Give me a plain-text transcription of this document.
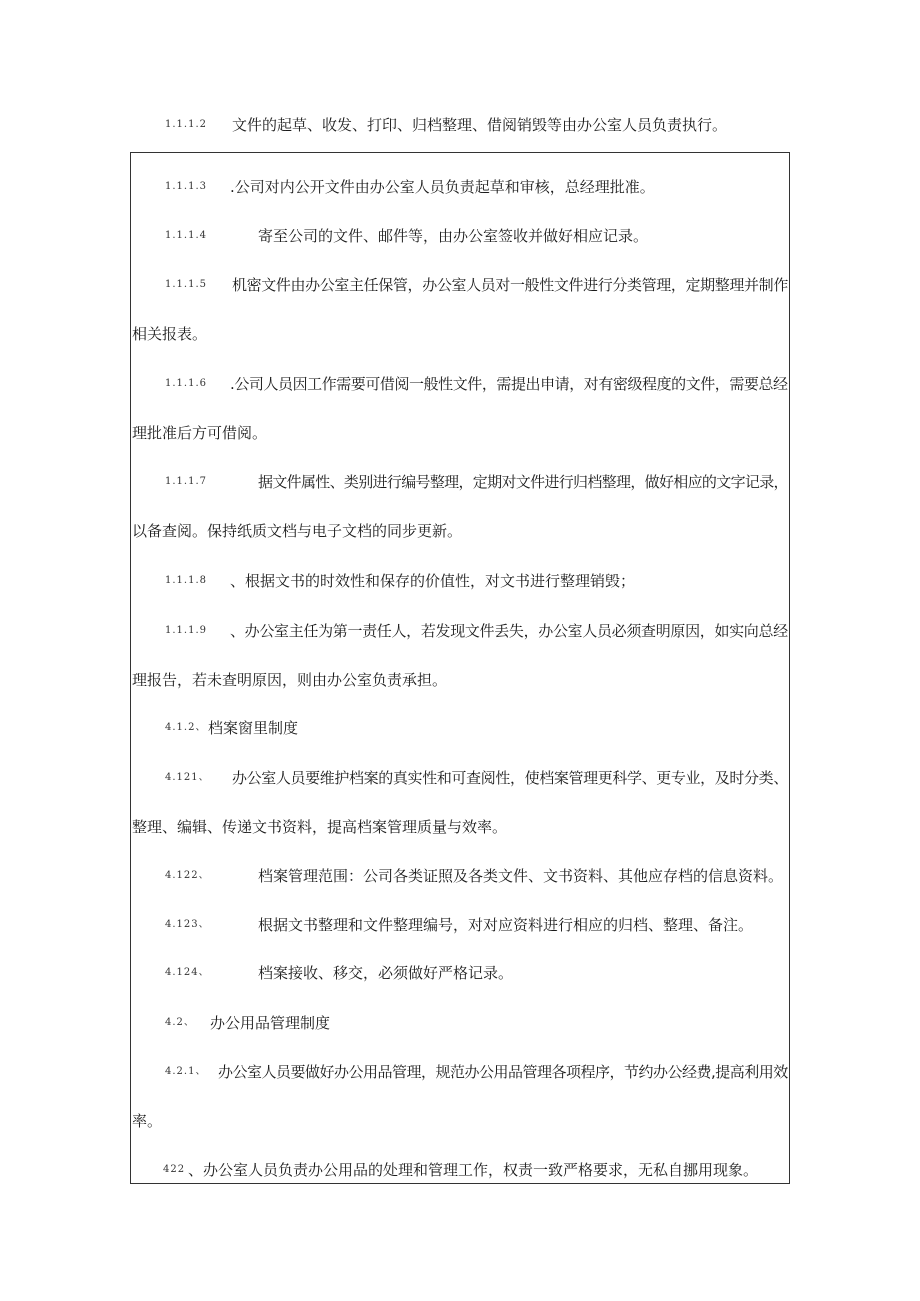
1.1.1.2 文件的起草、收发、打印、归档整理、借阅销毁等由办公室人员负责执行。
1.1.1.3 .公司对内公开文件由办公室人员负责起草和审核，总经理批准。
1.1.1.4	寄至公司的文件、邮件等，由办公室签收并做好相应记录。
1.1.1.5 机密文件由办公室主任保管，办公室人员对一般性文件进行分类管理，定期整理并制作
相关报表。
1.1.1.6 .公司人员因工作需要可借阅一般性文件，需提出申请，对有密级程度的文件，需要总经
理批准后方可借阅。
1.1.1.7	据文件属性、类别进行编号整理，定期对文件进行归档整理，做好相应的文字记录，
以备查阅。保持纸质文档与电子文档的同步更新。
1.1.1.8 、根据文书的时效性和保存的价值性，对文书进行整理销毁；
1.1.1.9 、办公室主任为第一责任人，若发现文件丢失，办公室人员必须查明原因，如实向总经
理报告，若未查明原因，则由办公室负责承担。
4.1.2、 档案窗里制度
4.121、 办公室人员要维护档案的真实性和可查阅性，使档案管理更科学、更专业，及时分类、
整理、编辑、传递文书资料，提高档案管理质量与效率。
4.122、	档案管理范围：公司各类证照及各类文件、文书资料、其他应存档的信息资料。
4.123、	根据文书整理和文件整理编号，对对应资料进行相应的归档、整理、备注。
4.124、	档案接收、移交，必须做好严格记录。
4.2、 办公用品管理制度
4.2.1、 办公室人员要做好办公用品管理，规范办公用品管理各项程序，节约办公经费,提高利用效
率。
422 、办公室人员负责办公用品的处理和管理工作，权责一致严格要求，无私自挪用现象。
